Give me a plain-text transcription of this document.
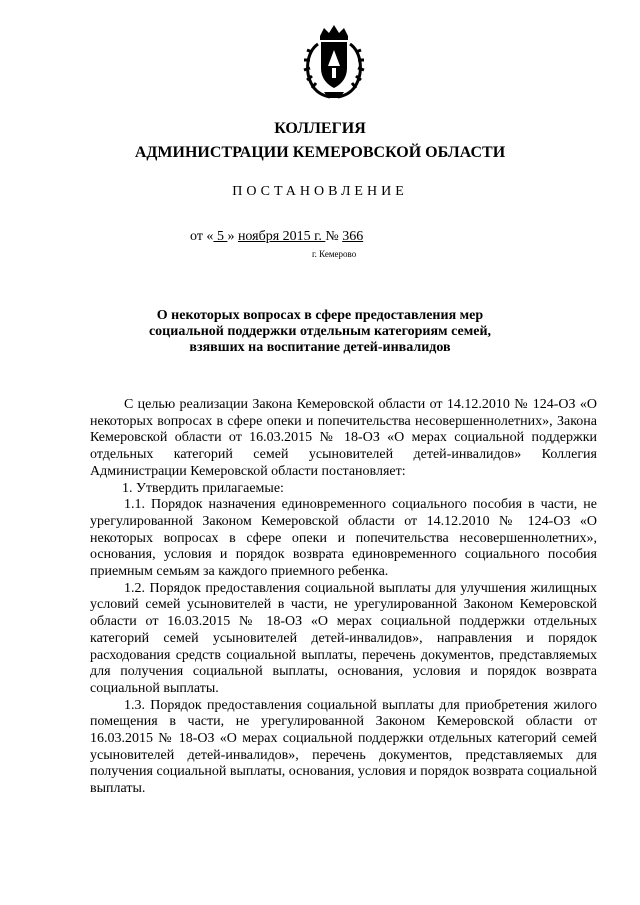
КОЛЛЕГИЯ
АДМИНИСТРАЦИИ КЕМЕРОВСКОЙ ОБЛАСТИ
ПОСТАНОВЛЕНИЕ
от « 5 » ноября 2015 г. № 366
г. Кемерово
О некоторых вопросах в сфере предоставления мер
социальной поддержки отдельным категориям семей,
взявших на воспитание детей-инвалидов

С целью реализации Закона Кемеровской области от 14.12.2010 № 124-ОЗ «О некоторых вопросах в сфере опеки и попечительства несовершеннолетних», Закона Кемеровской области от 16.03.2015 № 18-ОЗ «О мерах социальной поддержки отдельных категорий семей усыновителей детей-инвалидов» Коллегия Администрации Кемеровской области постановляет:

1. Утвердить прилагаемые:

1.1. Порядок назначения единовременного социального пособия в части, не урегулированной Законом Кемеровской области от 14.12.2010 № 124-ОЗ «О некоторых вопросах в сфере опеки и попечительства несовершеннолетних», основания, условия и порядок возврата единовременного социального пособия приемным семьям за каждого приемного ребенка.

1.2. Порядок предоставления социальной выплаты для улучшения жилищных условий семей усыновителей в части, не урегулированной Законом Кемеровской области от 16.03.2015 № 18-ОЗ «О мерах социальной поддержки отдельных категорий семей усыновителей детей-инвалидов», направления и порядок расходования средств социальной выплаты, перечень документов, представляемых для получения социальной выплаты, основания, условия и порядок возврата социальной выплаты.

1.3. Порядок предоставления социальной выплаты для приобретения жилого помещения в части, не урегулированной Законом Кемеровской области от 16.03.2015 № 18-ОЗ «О мерах социальной поддержки отдельных категорий семей усыновителей детей-инвалидов», перечень документов, представляемых для получения социальной выплаты, основания, условия и порядок возврата социальной выплаты.
